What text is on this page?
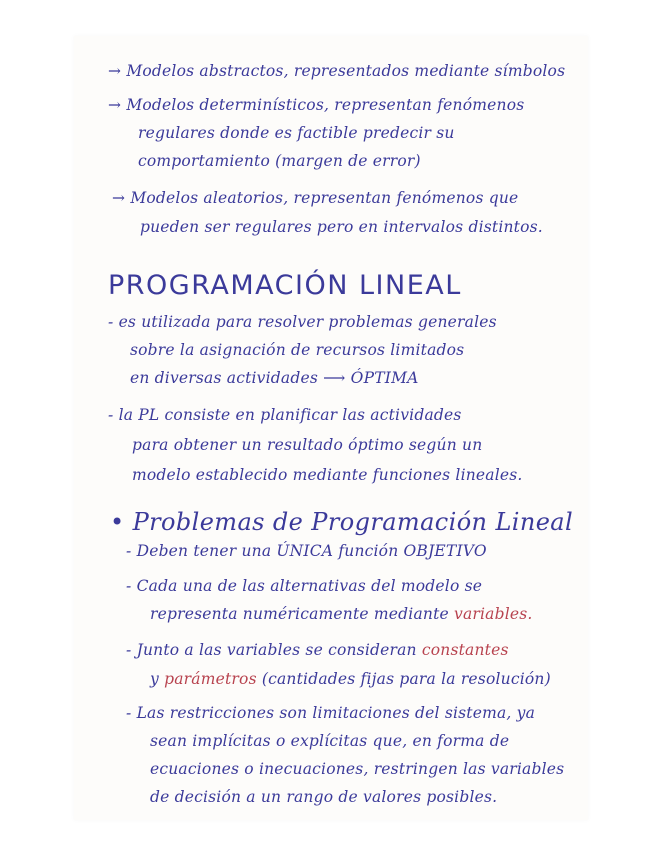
→ Modelos abstractos, representados mediante símbolos
→ Modelos determinísticos, representan fenómenos
regulares donde es factible predecir su
comportamiento (margen de error)
→ Modelos aleatorios, representan fenómenos que
pueden ser regulares pero en intervalos distintos.
PROGRAMACIÓN LINEAL
- es utilizada para resolver problemas generales
sobre la asignación de recursos limitados
en diversas actividades ⟶ ÓPTIMA
- la PL consiste en planificar las actividades
para obtener un resultado óptimo según un
modelo establecido mediante funciones lineales.
• Problemas de Programación Lineal
- Deben tener una ÚNICA función OBJETIVO
- Cada una de las alternativas del modelo se
representa numéricamente mediante variables.
- Junto a las variables se consideran constantes
y parámetros (cantidades fijas para la resolución)
- Las restricciones son limitaciones del sistema, ya
sean implícitas o explícitas que, en forma de
ecuaciones o inecuaciones, restringen las variables
de decisión a un rango de valores posibles.
